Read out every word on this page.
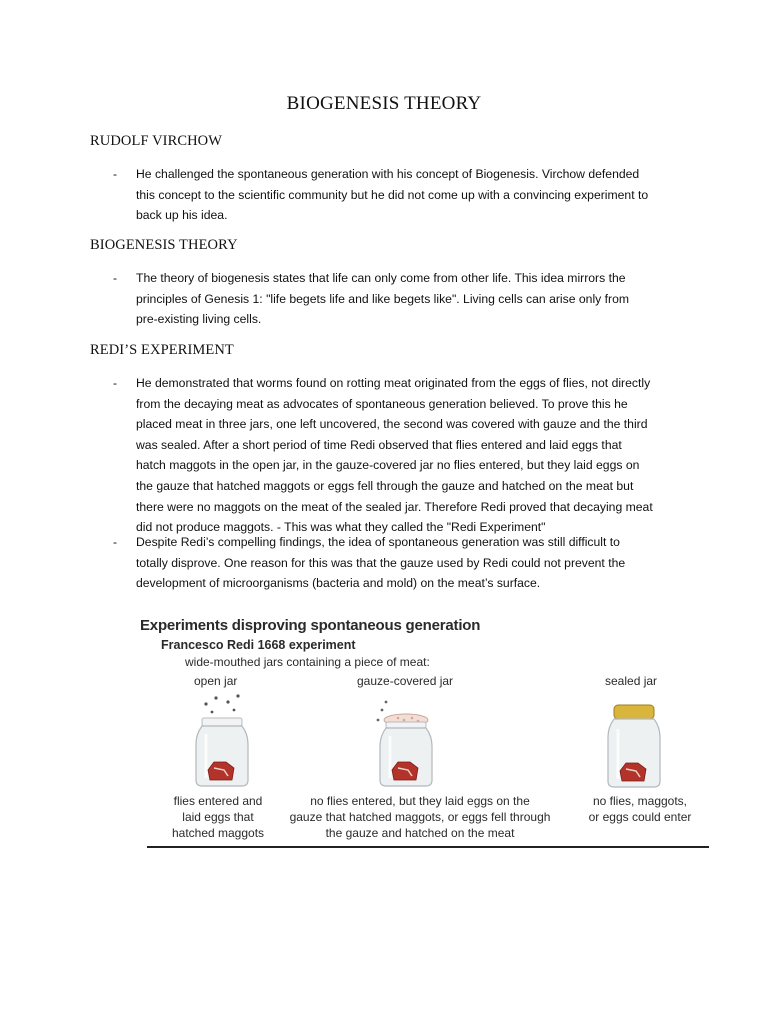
BIOGENESIS THEORY
RUDOLF VIRCHOW
- He challenged the spontaneous generation with his concept of Biogenesis. Virchow defended this concept to the scientific community but he did not come up with a convincing experiment to back up his idea.
BIOGENESIS THEORY
- The theory of biogenesis states that life can only come from other life. This idea mirrors the principles of Genesis 1: "life begets life and like begets like". Living cells can arise only from pre-existing living cells.
REDI’S EXPERIMENT
- He demonstrated that worms found on rotting meat originated from the eggs of flies, not directly from the decaying meat as advocates of spontaneous generation believed. To prove this he placed meat in three jars, one left uncovered, the second was covered with gauze and the third was sealed. After a short period of time Redi observed that flies entered and laid eggs that hatch maggots in the open jar, in the gauze-covered jar no flies entered, but they laid eggs on the gauze that hatched maggots or eggs fell through the gauze and hatched on the meat but there were no maggots on the meat of the sealed jar. Therefore Redi proved that decaying meat did not produce maggots. - This was what they called the "Redi Experiment"
- Despite Redi’s compelling findings, the idea of spontaneous generation was still difficult to totally disprove. One reason for this was that the gauze used by Redi could not prevent the development of microorganisms (bacteria and mold) on the meat’s surface.
Experiments disproving spontaneous generation
Francesco Redi 1668 experiment
wide-mouthed jars containing a piece of meat:
open jar	gauze-covered jar	sealed jar
flies entered and
laid eggs that
hatched maggots
no flies entered, but they laid eggs on the
gauze that hatched maggots, or eggs fell through
the gauze and hatched on the meat
no flies, maggots,
or eggs could enter
